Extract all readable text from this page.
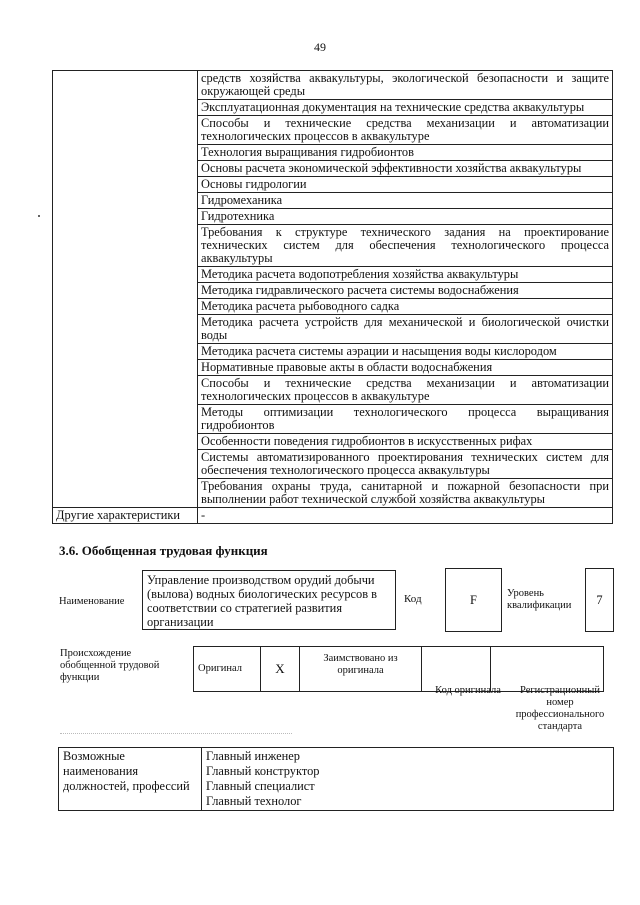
49
	средств хозяйства аквакультуры, экологической безопасности и защите окружающей среды
	Эксплуатационная документация на технические средства аквакультуры
	Способы и технические средства механизации и автоматизации технологических процессов в аквакультуре
	Технология выращивания гидробионтов
	Основы расчета экономической эффективности хозяйства аквакультуры
	Основы гидрологии
	Гидромеханика
	Гидротехника
	Требования к структуре технического задания на проектирование технических систем для обеспечения технологического процесса аквакультуры
	Методика расчета водопотребления хозяйства аквакультуры
	Методика гидравлического расчета системы водоснабжения
	Методика расчета рыбоводного садка
	Методика расчета устройств для механической и биологической очистки воды
	Методика расчета системы аэрации и насыщения воды кислородом
	Нормативные правовые акты в области водоснабжения
	Способы и технические средства механизации и автоматизации технологических процессов в аквакультуре
	Методы оптимизации технологического процесса выращивания гидробионтов
	Особенности поведения гидробионтов в искусственных рифах
	Системы автоматизированного проектирования технических систем для обеспечения технологического процесса аквакультуры
	Требования охраны труда, санитарной и пожарной безопасности при выполнении работ технической службой хозяйства аквакультуры
Другие характеристики	-
3.6. Обобщенная трудовая функция
Наименование
Управление производством орудий добычи (вылова) водных биологических ресурсов в соответствии со стратегией развития организации
Код	F	Уровень квалификации	7
Происхождение обобщенной трудовой функции
Оригинал	X	Заимствовано из оригинала		
Код оригинала	Регистрационный номер профессионального стандарта
Возможные наименования должностей, профессий	
Главный инженер
Главный конструктор
Главный специалист
Главный технолог
